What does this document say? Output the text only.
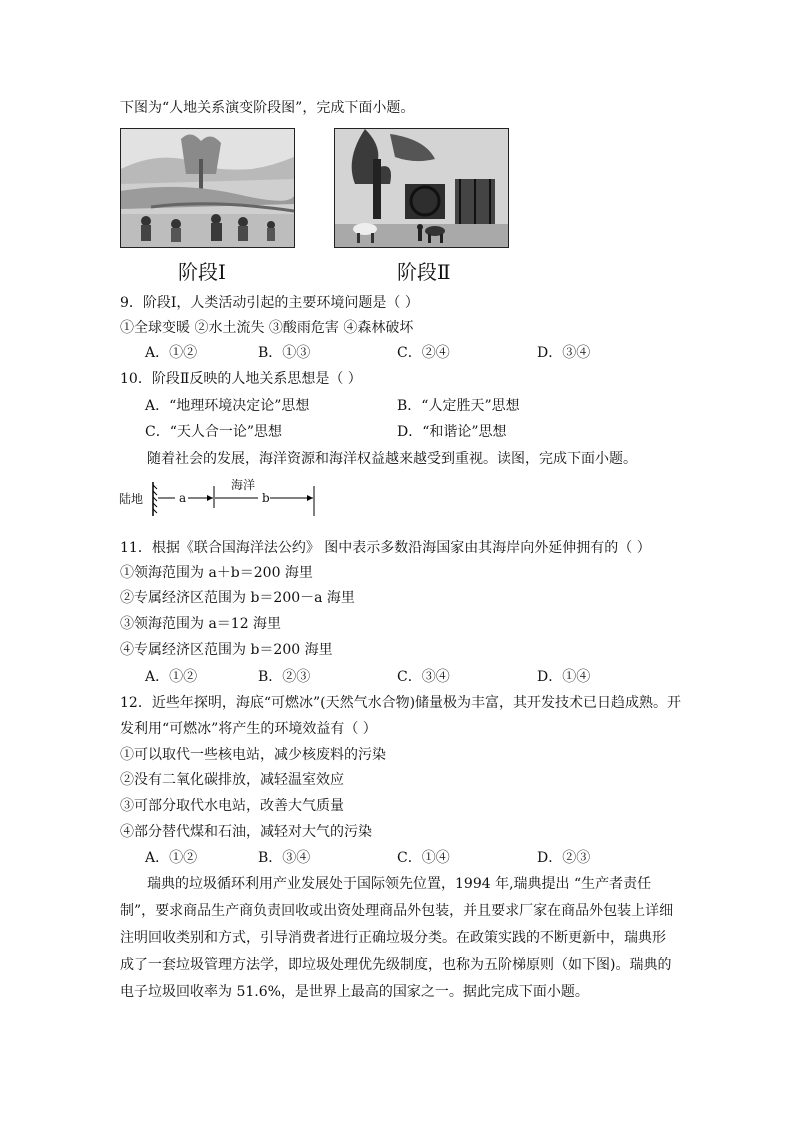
下图为“人地关系演变阶段图”，完成下面小题。
阶段Ⅰ	阶段Ⅱ
9．阶段Ⅰ，人类活动引起的主要环境问题是（ ）
①全球变暖 ②水土流失 ③酸雨危害 ④森林破坏
A．①②	B．①③	C．②④	D．③④
10．阶段Ⅱ反映的人地关系思想是（ ）
A．“地理环境决定论”思想	B．“人定胜天”思想
C．“天人合一论”思想	D．“和谐论”思想
随着社会的发展，海洋资源和海洋权益越来越受到重视。读图，完成下面小题。
陆地
海洋
a	b
11．根据《联合国海洋法公约》 图中表示多数沿海国家由其海岸向外延伸拥有的（ ）
①领海范围为 a＋b＝200 海里
②专属经济区范围为 b＝200－a 海里
③领海范围为 a＝12 海里
④专属经济区范围为 b＝200 海里
A．①②	B．②③	C．③④	D．①④
12．近些年探明，海底“可燃冰”(天然气水合物)储量极为丰富，其开发技术已日趋成熟。开
发利用“可燃冰”将产生的环境效益有（ ）
①可以取代一些核电站，减少核废料的污染
②没有二氧化碳排放，减轻温室效应
③可部分取代水电站，改善大气质量
④部分替代煤和石油，减轻对大气的污染
A．①②	B．③④	C．①④	D．②③
瑞典的垃圾循环利用产业发展处于国际领先位置，1994 年,瑞典提出 “生产者责任
制”，要求商品生产商负责回收或出资处理商品外包装，并且要求厂家在商品外包装上详细
注明回收类别和方式，引导消费者进行正确垃圾分类。在政策实践的不断更新中，瑞典形
成了一套垃圾管理方法学，即垃圾处理优先级制度，也称为五阶梯原则（如下图)。瑞典的
电子垃圾回收率为 51.6%，是世界上最高的国家之一。据此完成下面小题。
